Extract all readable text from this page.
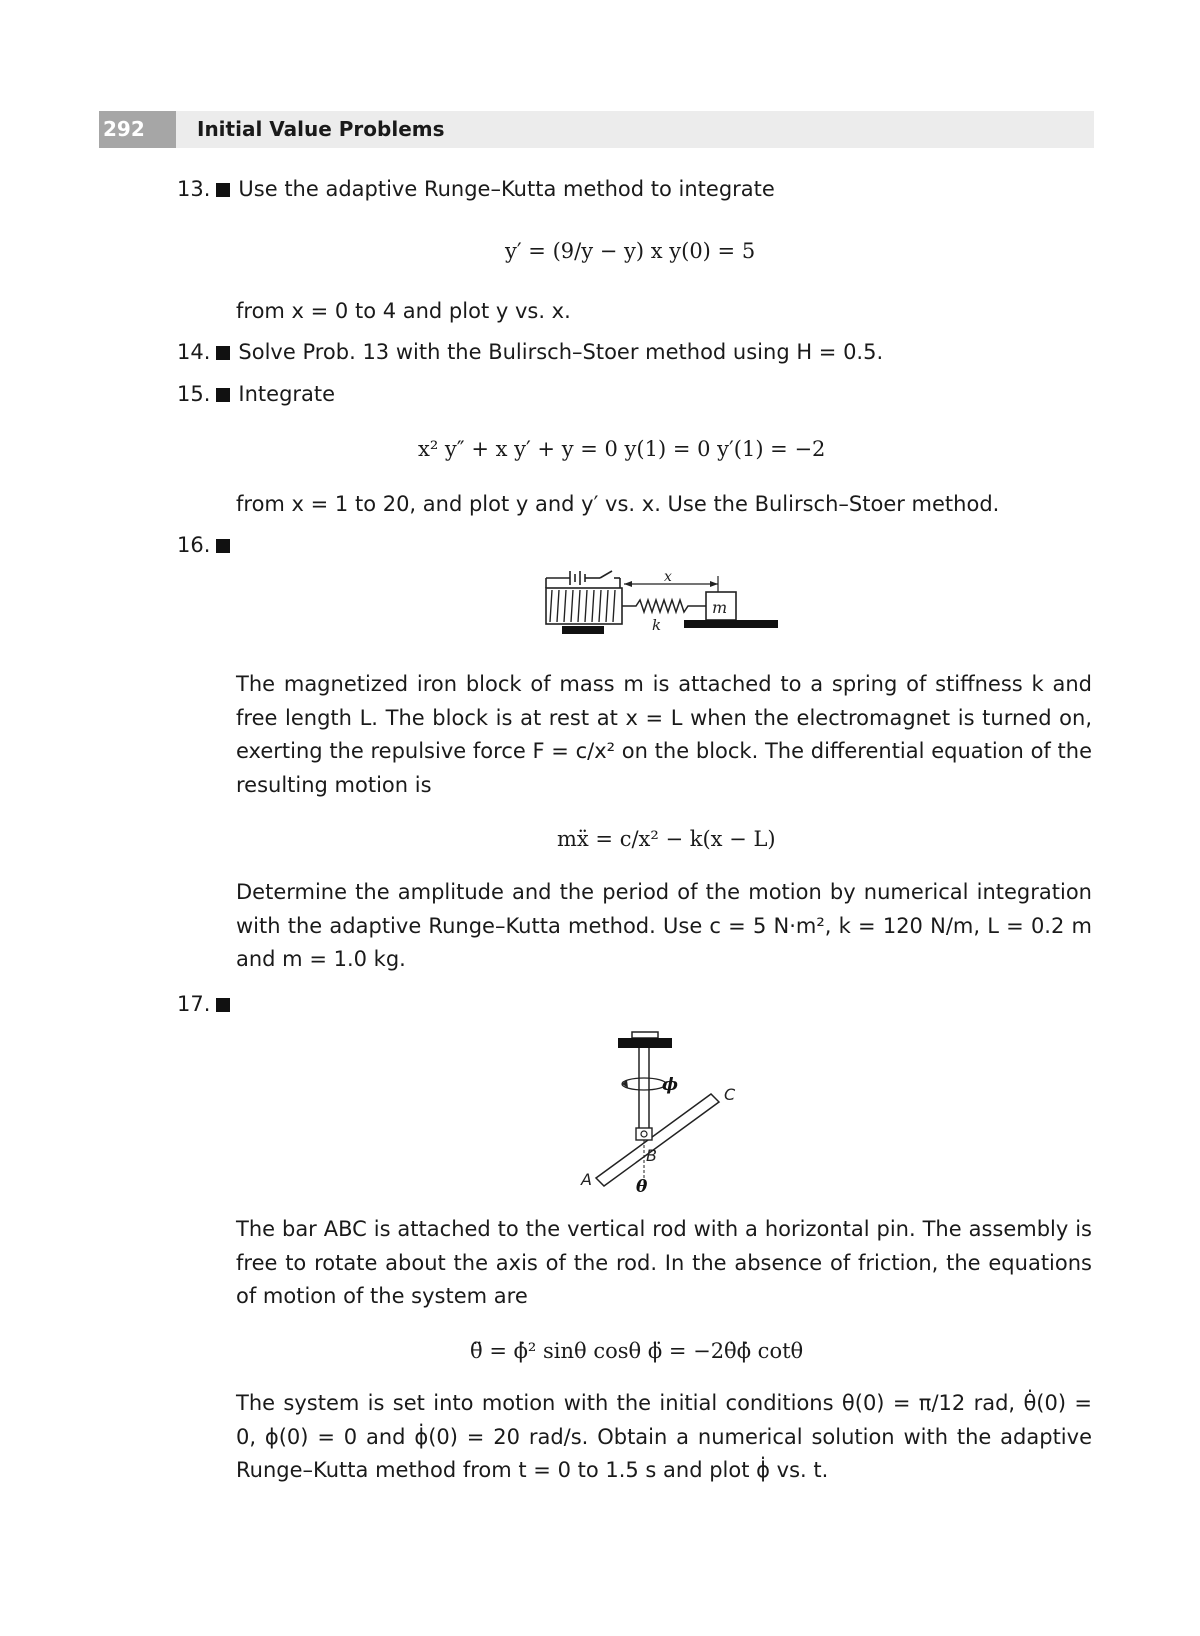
292	Initial Value Problems
13. Use the adaptive Runge–Kutta method to integrate
y′ = (9/y − y) x y(0) = 5
from x = 0 to 4 and plot y vs. x.
14. Solve Prob. 13 with the Bulirsch–Stoer method using H = 0.5.
15. Integrate
x² y″ + x y′ + y = 0 y(1) = 0 y′(1) = −2
from x = 1 to 20, and plot y and y′ vs. x. Use the Bulirsch–Stoer method.
16.
x
k
m
The magnetized iron block of mass m is attached to a spring of stiffness k and free length L. The block is at rest at x = L when the electromagnet is turned on, exerting the repulsive force F = c/x² on the block. The differential equation of the resulting motion is
mẍ = c/x² − k(x − L)
Determine the amplitude and the period of the motion by numerical integration with the adaptive Runge–Kutta method. Use c = 5 N·m², k = 120 N/m, L = 0.2 m and m = 1.0 kg.
17.
ϕ	C
B
A	θ
The bar ABC is attached to the vertical rod with a horizontal pin. The assembly is free to rotate about the axis of the rod. In the absence of friction, the equations of motion of the system are
θ̈ = ϕ̇² sinθ cosθ ϕ̈ = −2θ̇ϕ̇ cotθ
The system is set into motion with the initial conditions θ(0) = π/12 rad, θ̇(0) = 0, ϕ(0) = 0 and ϕ̇(0) = 20 rad/s. Obtain a numerical solution with the adaptive Runge–Kutta method from t = 0 to 1.5 s and plot ϕ̇ vs. t.
